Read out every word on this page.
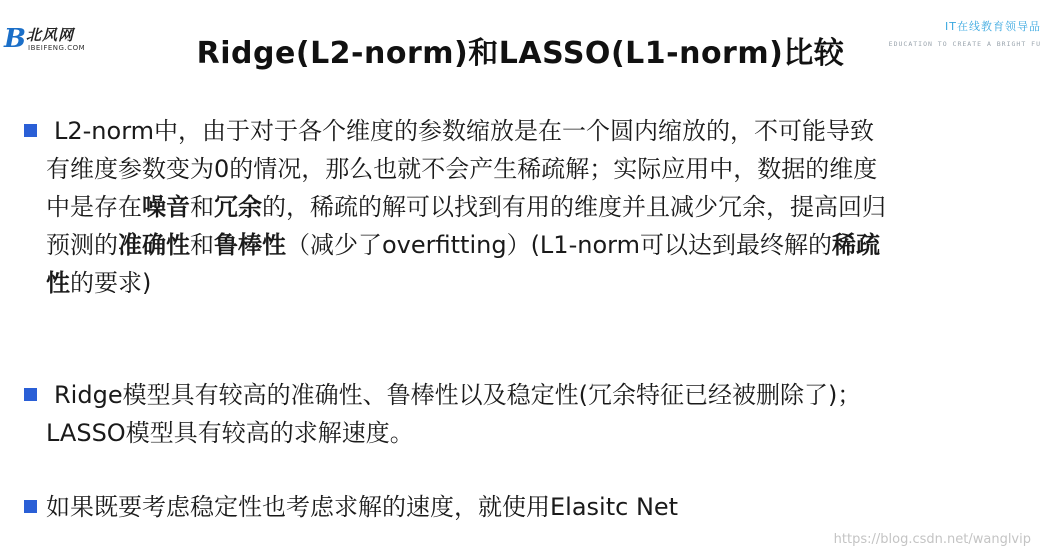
B 北风网
IBEIFENG.COM
IT在线教育领导品
EDUCATION TO CREATE A BRIGHT FU
Ridge(L2-norm)和LASSO(L1-norm)比较
L2-norm中，由于对于各个维度的参数缩放是在一个圆内缩放的，不可能导致
有维度参数变为0的情况，那么也就不会产生稀疏解；实际应用中，数据的维度
中是存在噪音和冗余的，稀疏的解可以找到有用的维度并且减少冗余，提高回归
预测的准确性和鲁棒性（减少了overfitting）(L1-norm可以达到最终解的稀疏
性的要求)
Ridge模型具有较高的准确性、鲁棒性以及稳定性(冗余特征已经被删除了)；
LASSO模型具有较高的求解速度。
如果既要考虑稳定性也考虑求解的速度，就使用Elasitc Net
https://blog.csdn.net/wanglvip
